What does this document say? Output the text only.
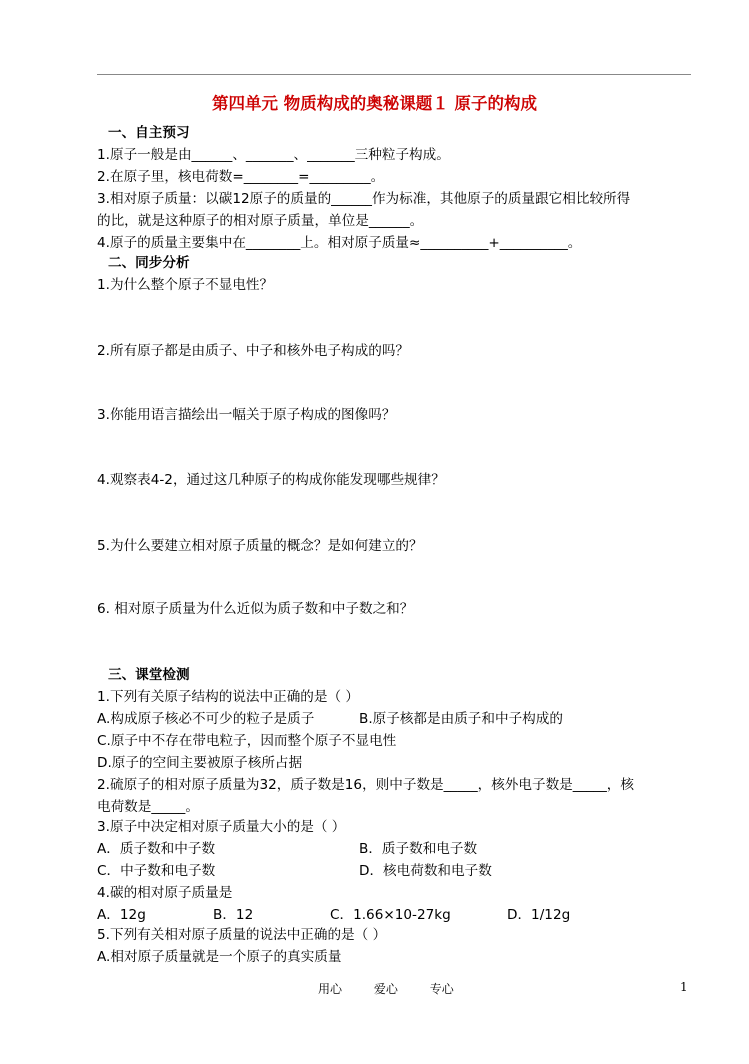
第四单元 物质构成的奥秘课题１ 原子的构成
一、自主预习
1.原子一般是由______、_______、_______三种粒子构成。
2.在原子里，核电荷数=________=_________。
3.相对原子质量：以碳12原子的质量的______作为标准，其他原子的质量跟它相比较所得
的比，就是这种原子的相对原子质量，单位是______。
4.原子的质量主要集中在________上。相对原子质量≈__________+__________。
二、同步分析
1.为什么整个原子不显电性？
2.所有原子都是由质子、中子和核外电子构成的吗？
3.你能用语言描绘出一幅关于原子构成的图像吗？
4.观察表4-2，通过这几种原子的构成你能发现哪些规律？
5.为什么要建立相对原子质量的概念？是如何建立的？
6. 相对原子质量为什么近似为质子数和中子数之和？
三、课堂检测
1.下列有关原子结构的说法中正确的是（ ）
A.构成原子核必不可少的粒子是质子	B.原子核都是由质子和中子构成的
C.原子中不存在带电粒子，因而整个原子不显电性
D.原子的空间主要被原子核所占据
2.硫原子的相对原子质量为32，质子数是16，则中子数是_____，核外电子数是_____，核
电荷数是_____。
3.原子中决定相对原子质量大小的是（ ）
A．质子数和中子数	B．质子数和电子数
C．中子数和电子数	D．核电荷数和电子数
4.碳的相对原子质量是
A．12g	B．12	C．1.66×10-27kg	D．1/12g
5.下列有关相对原子质量的说法中正确的是（ ）
A.相对原子质量就是一个原子的真实质量
用心	爱心	专心	1
